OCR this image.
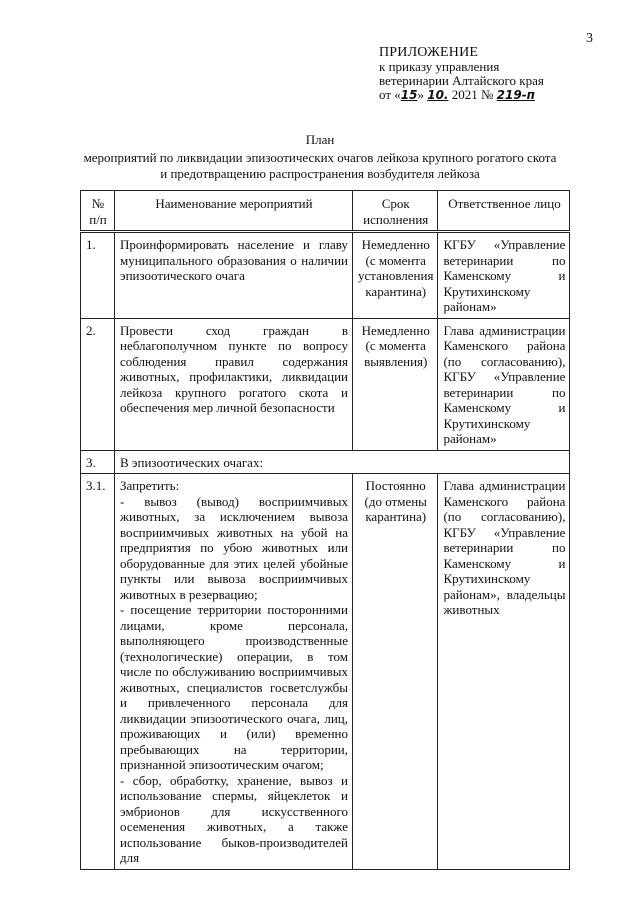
3
ПРИЛОЖЕНИЕ
к приказу управления
ветеринарии Алтайского края
от «15» 10. 2021 № 219-п
План
мероприятий по ликвидации эпизоотических очагов лейкоза крупного рогатого скота
и предотвращению распространения возбудителя лейкоза
№ п/п	Наименование мероприятий	Срок исполнения	Ответственное лицо
1.	Проинформировать население и главу муниципального образования о наличии эпизоотического очага	Немедленно (с момента установления карантина)	КГБУ «Управление ветеринарии по Каменскому и Крутихинскому районам»
2.	Провести сход граждан в неблагополучном пункте по вопросу соблюдения правил содержания животных, профилактики, ликвидации лейкоза крупного рогатого скота и обеспечения мер личной безопасности	Немедленно (с момента выявления)	Глава администрации Каменского района (по согласованию), КГБУ «Управление ветеринарии по Каменскому и Крутихинскому районам»
3.	В эпизоотических очагах:		
3.1.	Запретить:
- вывоз (вывод) восприимчивых животных, за исключением вывоза восприимчивых животных на убой на предприятия по убою животных или оборудованные для этих целей убойные пункты или вывоза восприимчивых животных в резервацию;
- посещение территории посторонними лицами, кроме персонала, выполняющего производственные (технологические) операции, в том числе по обслуживанию восприимчивых животных, специалистов госветслужбы и привлеченного персонала для ликвидации эпизоотического очага, лиц, проживающих и (или) временно пребывающих на территории, признанной эпизоотическим очагом;
- сбор, обработку, хранение, вывоз и использование спермы, яйцеклеток и эмбрионов для искусственного осеменения животных, а также использование быков-производителей для	Постоянно (до отмены карантина)	Глава администрации Каменского района (по согласованию), КГБУ «Управление ветеринарии по Каменскому и Крутихинскому районам», владельцы животных
